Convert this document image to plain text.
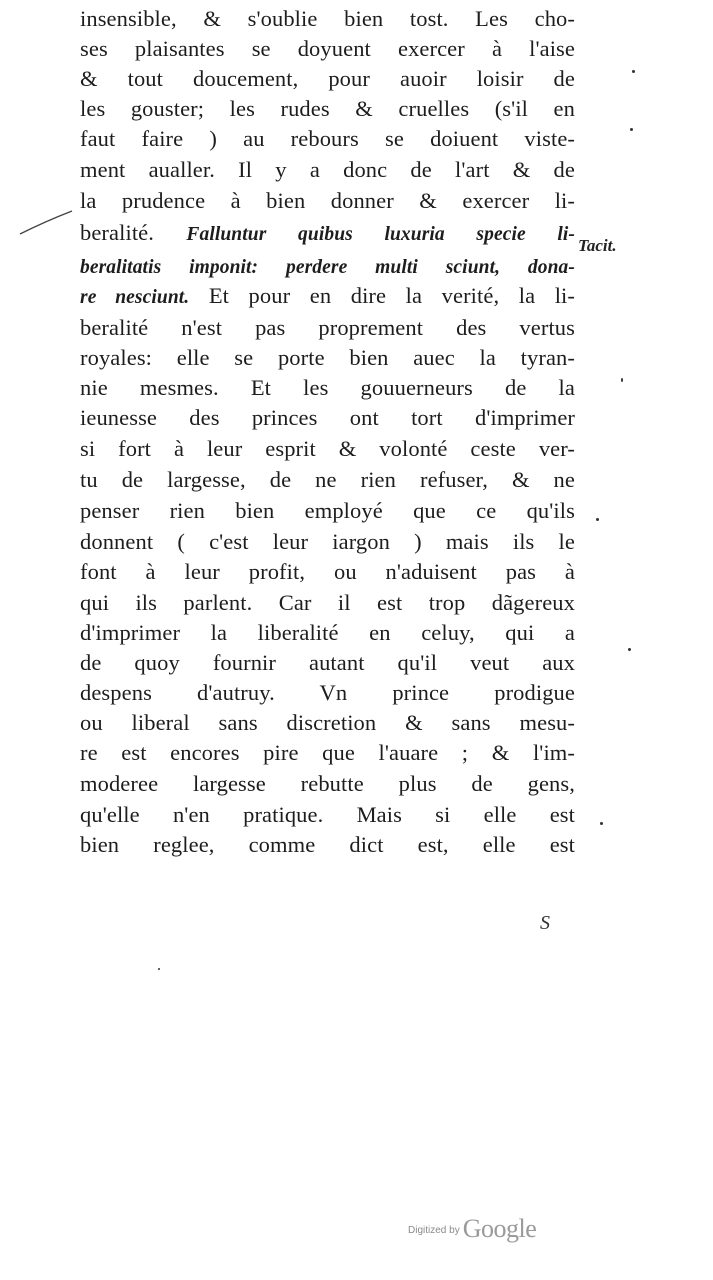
insensible, & s'oublie bien tost. Les cho-
ses plaisantes se doyuent exercer à l'aise
& tout doucement, pour auoir loisir de
les gouster; les rudes & cruelles (s'il en
faut faire ) au rebours se doiuent viste-
ment aualler. Il y a donc de l'art & de
la prudence à bien donner & exercer li-
beralité. Falluntur quibus luxuria specie li-
beralitatis imponit: perdere multi sciunt, dona-
re nesciunt. Et pour en dire la verité, la li-
beralité n'est pas proprement des vertus
royales: elle se porte bien auec la tyran-
nie mesmes. Et les gouuerneurs de la
ieunesse des princes ont tort d'imprimer
si fort à leur esprit & volonté ceste ver-
tu de largesse, de ne rien refuser, & ne
penser rien bien employé que ce qu'ils
donnent ( c'est leur iargon ) mais ils le
font à leur profit, ou n'aduisent pas à
qui ils parlent. Car il est trop dãgereux
d'imprimer la liberalité en celuy, qui a
de quoy fournir autant qu'il veut aux
despens d'autruy. Vn prince prodigue
ou liberal sans discretion & sans mesu-
re est encores pire que l'auare ; & l'im-
moderee largesse rebutte plus de gens,
qu'elle n'en pratique. Mais si elle est
bien reglee, comme dict est, elle est
Tacit.
S
$^{Digitized by}$ Google
